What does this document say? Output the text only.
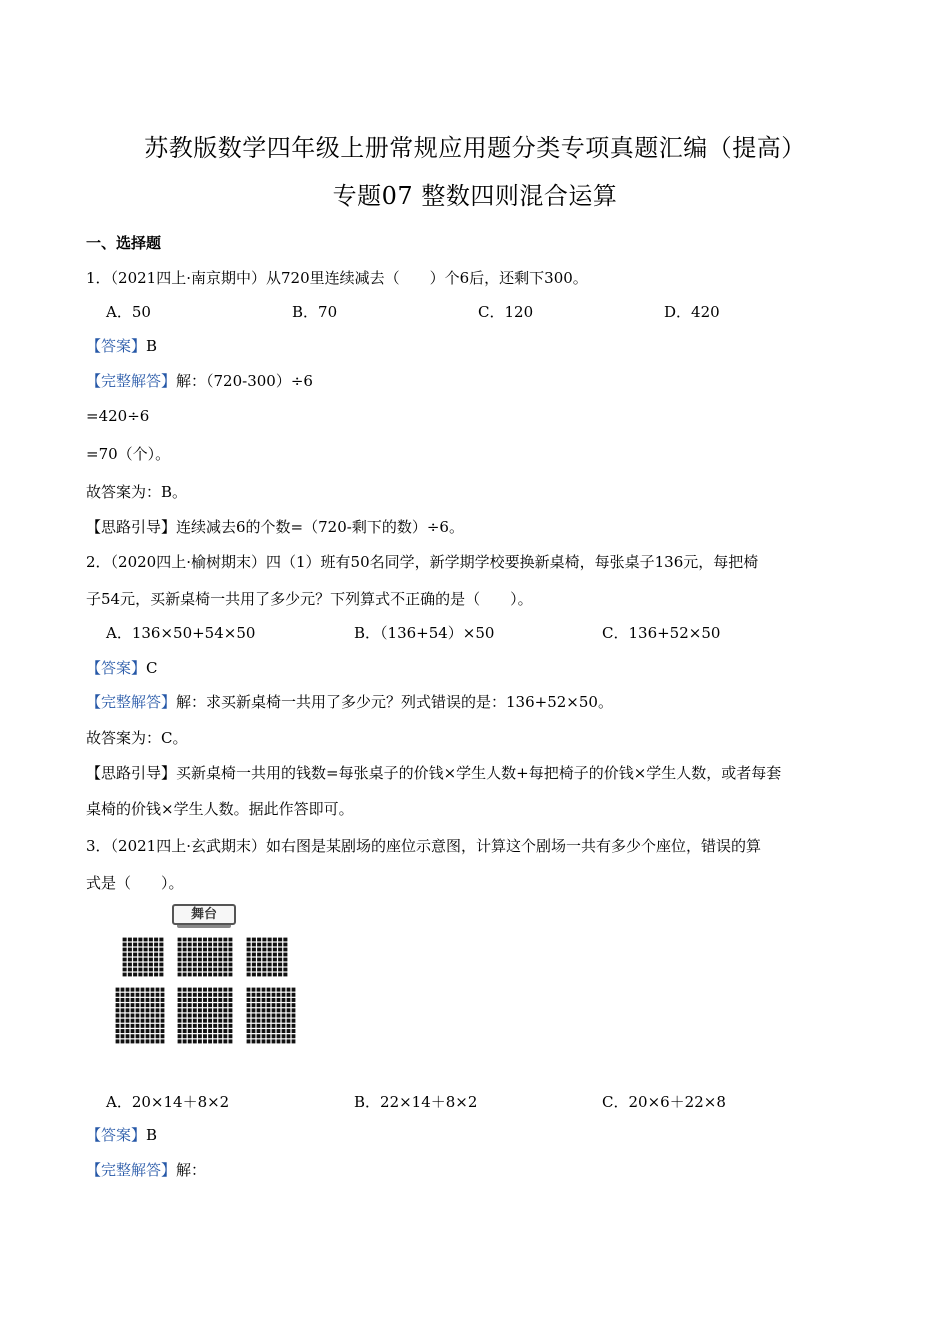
苏教版数学四年级上册常规应用题分类专项真题汇编（提高）
专题07 整数四则混合运算
一、选择题
1．（2021四上·南京期中）从720里连续减去（　　）个6后，还剩下300。
A．50	B．70	C．120	D．420
【答案】B
【完整解答】解：（720-300）÷6
=420÷6
=70（个）。
故答案为：B。
【思路引导】连续减去6的个数=（720-剩下的数）÷6。
2．（2020四上·榆树期末）四（1）班有50名同学，新学期学校要换新桌椅，每张桌子136元，每把椅
子54元，买新桌椅一共用了多少元？下列算式不正确的是（　　）。
A．136×50+54×50	B．（136+54）×50	C．136+52×50
【答案】C
【完整解答】解：求买新桌椅一共用了多少元？列式错误的是：136+52×50。
故答案为：C。
【思路引导】买新桌椅一共用的钱数=每张桌子的价钱×学生人数+每把椅子的价钱×学生人数，或者每套
桌椅的价钱×学生人数。据此作答即可。
3．（2021四上·玄武期末）如右图是某剧场的座位示意图，计算这个剧场一共有多少个座位，错误的算
式是（　　）。
舞台
A．20×14＋8×2	B．22×14＋8×2	C．20×6＋22×8
【答案】B
【完整解答】解：
